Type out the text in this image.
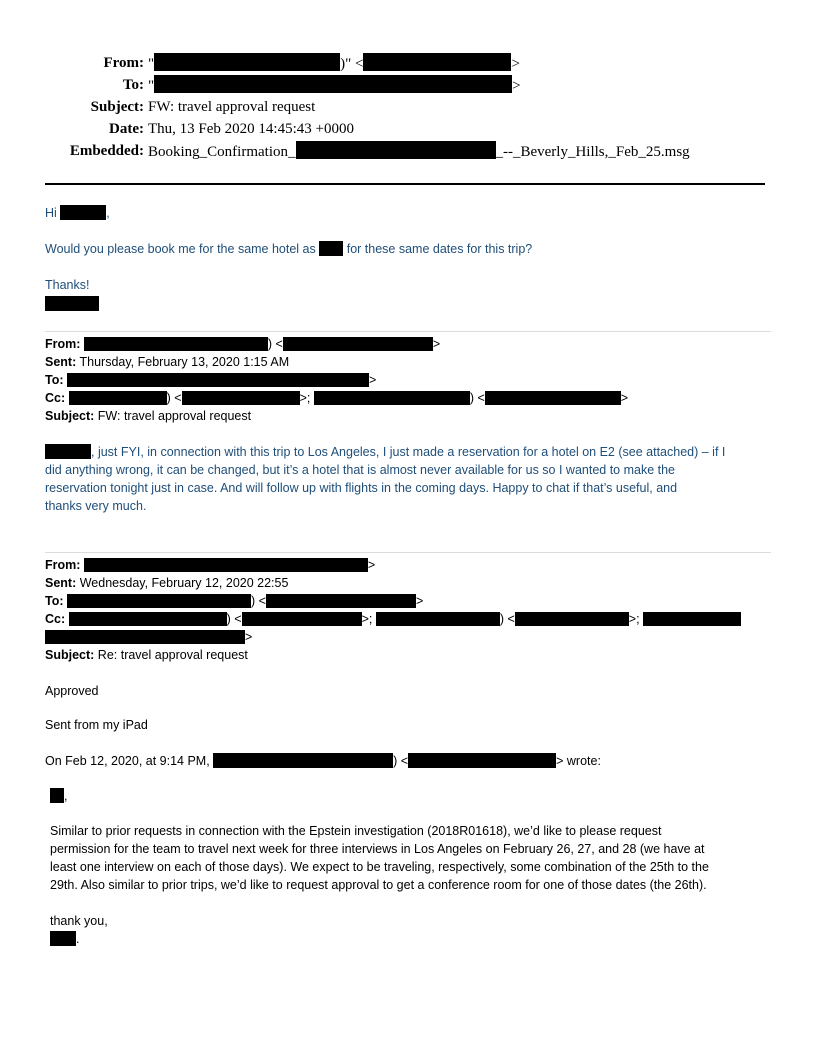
From: "	)" <	>
To: "	>
Subject: FW: travel approval request
Date: Thu, 13 Feb 2020 14:45:43 +0000
Embedded: Booking_Confirmation_	_--_Beverly_Hills,_Feb_25.msg
Hi	,
Would you please book me for the same hotel as for these same dates for this trip?
Thanks!
From:	) <	>
Sent: Thursday, February 13, 2020 1:15 AM
To:	>
Cc:	) <	>;	) <	>
Subject: FW: travel approval request
, just FYI, in connection with this trip to Los Angeles, I just made a reservation for a hotel on E2 (see attached) – if I
did anything wrong, it can be changed, but it’s a hotel that is almost never available for us so I wanted to make the
reservation tonight just in case. And will follow up with flights in the coming days. Happy to chat if that’s useful, and
thanks very much.
From:	>
Sent: Wednesday, February 12, 2020 22:55
To:	) <	>
Cc:	) <	>;	) <	>;
>
Subject: Re: travel approval request
Approved
Sent from my iPad
On Feb 12, 2020, at 9:14 PM,	) <	> wrote:
,
Similar to prior requests in connection with the Epstein investigation (2018R01618), we’d like to please request
permission for the team to travel next week for three interviews in Los Angeles on February 26, 27, and 28 (we have at
least one interview on each of those days). We expect to be traveling, respectively, some combination of the 25th to the
29th. Also similar to prior trips, we’d like to request approval to get a conference room for one of those dates (the 26th).
thank you,
.
